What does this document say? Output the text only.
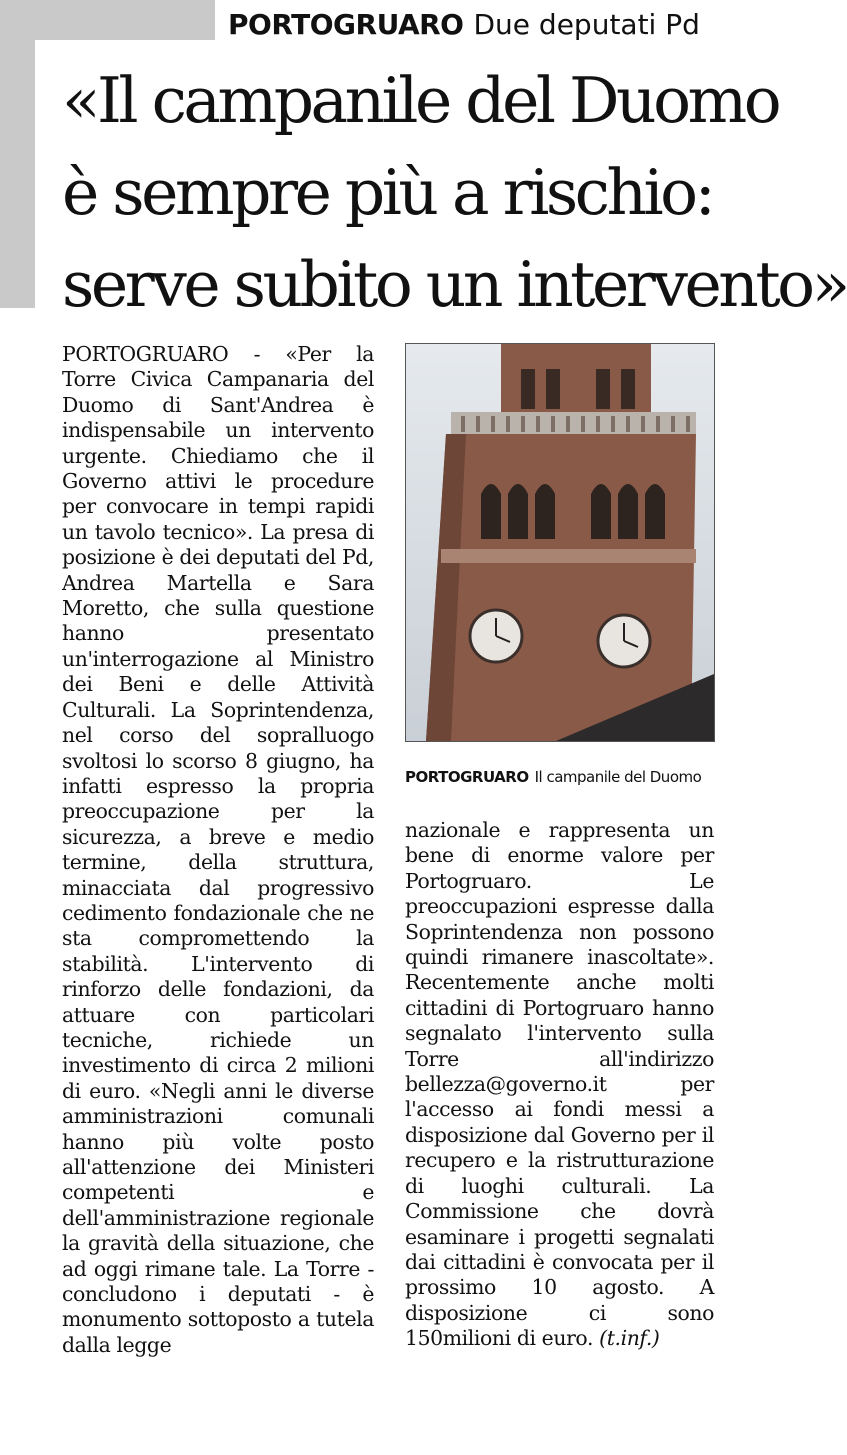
PORTOGRUARO Due deputati Pd
«Il campanile del Duomo
è sempre più a rischio:
serve subito un intervento»
PORTOGRUARO - «Per la Torre Civica Campanaria del Duomo di Sant'Andrea è indispensabile un intervento urgente. Chiediamo che il Governo attivi le procedure per convocare in tempi rapidi un tavolo tecnico». La presa di posizione è dei deputati del Pd, Andrea Martella e Sara Moretto, che sulla questione hanno presentato un'interrogazione al Ministro dei Beni e delle Attività Culturali. La Soprintendenza, nel corso del sopralluogo svoltosi lo scorso 8 giugno, ha infatti espresso la propria preoccupazione per la sicurezza, a breve e medio termine, della struttura, minacciata dal progressivo cedimento fondazionale che ne sta compromettendo la stabilità. L'intervento di rinforzo delle fondazioni, da attuare con particolari tecniche, richiede un investimento di circa 2 milioni di euro. «Negli anni le diverse amministrazioni comunali hanno più volte posto all'attenzione dei Ministeri competenti e dell'amministrazione regionale la gravità della situazione, che ad oggi rimane tale. La Torre - concludono i deputati - è monumento sottoposto a tutela dalla legge
PORTOGRUARO Il campanile del Duomo
nazionale e rappresenta un bene di enorme valore per Portogruaro. Le preoccupazioni espresse dalla Soprintendenza non possono quindi rimanere inascoltate». Recentemente anche molti cittadini di Portogruaro hanno segnalato l'intervento sulla Torre all'indirizzo bellezza@governo.it per l'accesso ai fondi messi a disposizione dal Governo per il recupero e la ristrutturazione di luoghi culturali. La Commissione che dovrà esaminare i progetti segnalati dai cittadini è convocata per il prossimo 10 agosto. A disposizione ci sono 150milioni di euro. (t.inf.)
